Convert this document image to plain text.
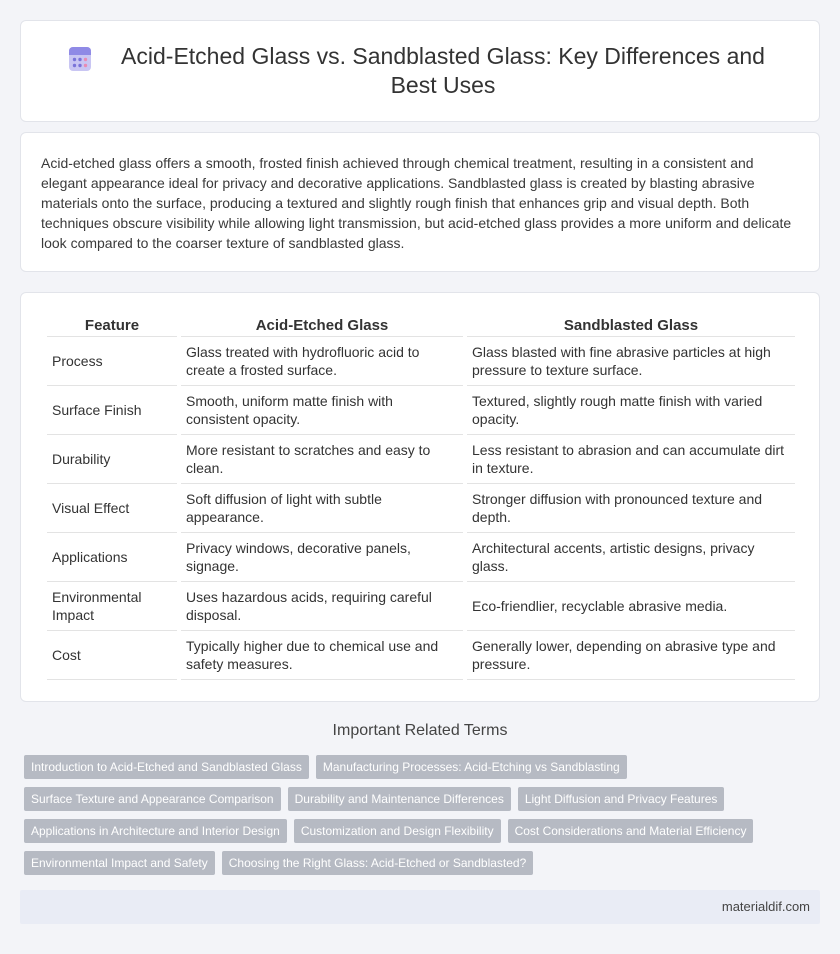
Acid-Etched Glass vs. Sandblasted Glass: Key Differences and Best Uses

Acid-etched glass offers a smooth, frosted finish achieved through chemical treatment, resulting in a consistent and elegant appearance ideal for privacy and decorative applications. Sandblasted glass is created by blasting abrasive materials onto the surface, producing a textured and slightly rough finish that enhances grip and visual depth. Both techniques obscure visibility while allowing light transmission, but acid-etched glass provides a more uniform and delicate look compared to the coarser texture of sandblasted glass.

Feature	Acid-Etched Glass	Sandblasted Glass
Process	Glass treated with hydrofluoric acid to create a frosted surface.	Glass blasted with fine abrasive particles at high pressure to texture surface.
Surface Finish	Smooth, uniform matte finish with consistent opacity.	Textured, slightly rough matte finish with varied opacity.
Durability	More resistant to scratches and easy to clean.	Less resistant to abrasion and can accumulate dirt in texture.
Visual Effect	Soft diffusion of light with subtle appearance.	Stronger diffusion with pronounced texture and depth.
Applications	Privacy windows, decorative panels, signage.	Architectural accents, artistic designs, privacy glass.
Environmental Impact	Uses hazardous acids, requiring careful disposal.	Eco-friendlier, recyclable abrasive media.
Cost	Typically higher due to chemical use and safety measures.	Generally lower, depending on abrasive type and pressure.
Important Related Terms
Introduction to Acid-Etched and Sandblasted Glass	Manufacturing Processes: Acid-Etching vs Sandblasting
Surface Texture and Appearance Comparison	Durability and Maintenance Differences	Light Diffusion and Privacy Features
Applications in Architecture and Interior Design	Customization and Design Flexibility	Cost Considerations and Material Efficiency
Environmental Impact and Safety	Choosing the Right Glass: Acid-Etched or Sandblasted?
materialdif.com
